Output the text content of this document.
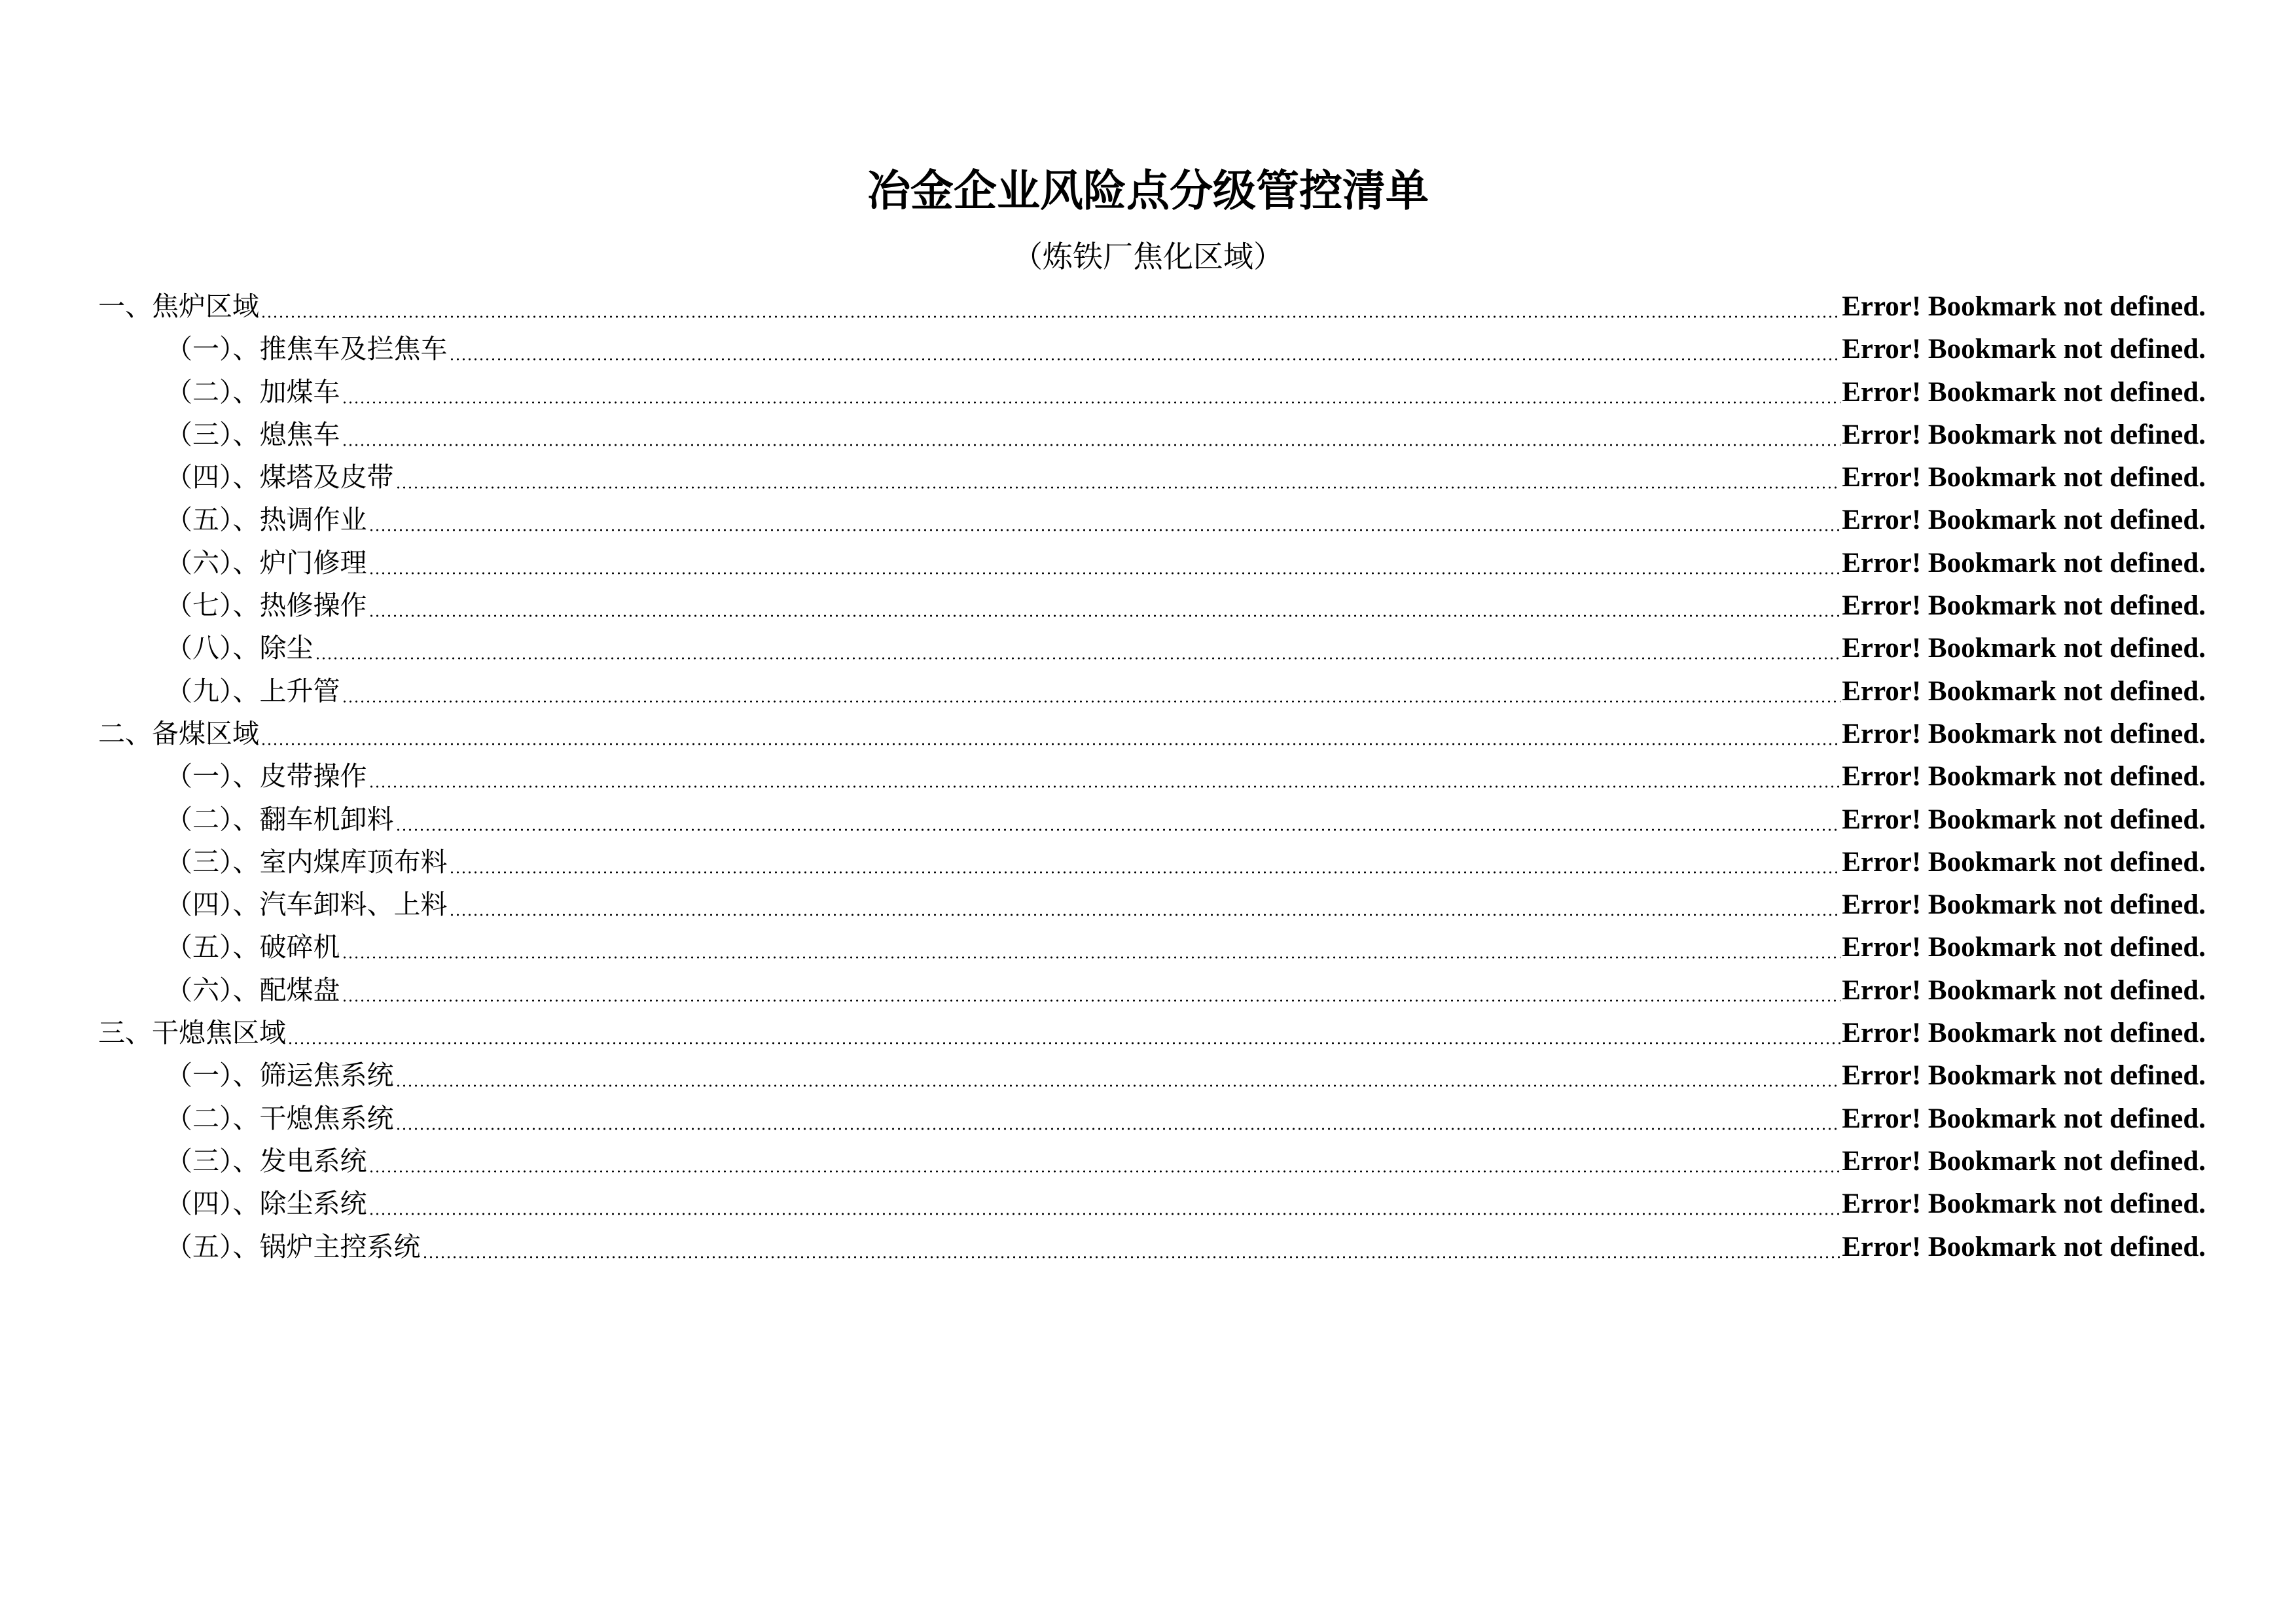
冶金企业风险点分级管控清单
（炼铁厂焦化区域）
一、焦炉区域	Error! Bookmark not defined.
（一）、推焦车及拦焦车	Error! Bookmark not defined.
（二）、加煤车	Error! Bookmark not defined.
（三）、熄焦车	Error! Bookmark not defined.
（四）、煤塔及皮带	Error! Bookmark not defined.
（五）、热调作业	Error! Bookmark not defined.
（六）、炉门修理	Error! Bookmark not defined.
（七）、热修操作	Error! Bookmark not defined.
（八）、除尘	Error! Bookmark not defined.
（九）、上升管	Error! Bookmark not defined.
二、备煤区域	Error! Bookmark not defined.
（一）、皮带操作	Error! Bookmark not defined.
（二）、翻车机卸料	Error! Bookmark not defined.
（三）、室内煤库顶布料	Error! Bookmark not defined.
（四）、汽车卸料、上料	Error! Bookmark not defined.
（五）、破碎机	Error! Bookmark not defined.
（六）、配煤盘	Error! Bookmark not defined.
三、干熄焦区域	Error! Bookmark not defined.
（一）、筛运焦系统	Error! Bookmark not defined.
（二）、干熄焦系统	Error! Bookmark not defined.
（三）、发电系统	Error! Bookmark not defined.
（四）、除尘系统	Error! Bookmark not defined.
（五）、锅炉主控系统	Error! Bookmark not defined.
